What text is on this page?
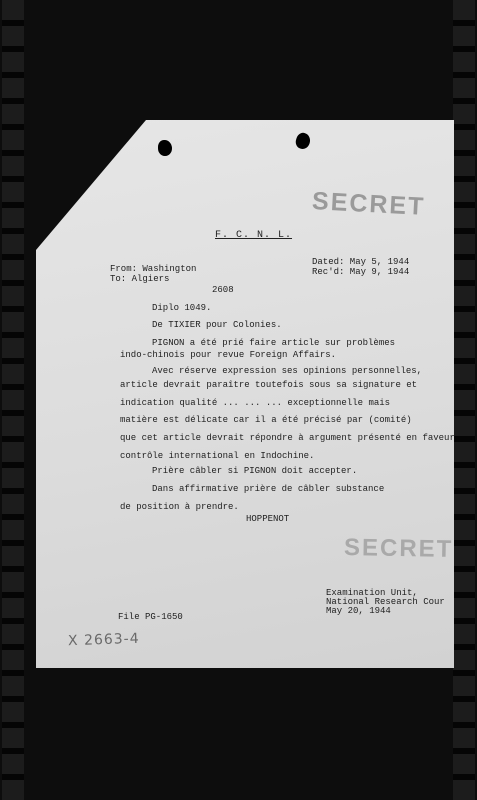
SECRET
F. C. N. L.
From: Washington
To: Algiers
Dated: May 5, 1944
Rec'd: May 9, 1944
2608
Diplo 1049.
De TIXIER pour Colonies.
PIGNON a été prié faire article sur problèmes
indo-chinois pour revue Foreign Affairs.
Avec réserve expression ses opinions personnelles,
article devrait paraître toutefois sous sa signature et
indication qualité ... ... ... exceptionnelle mais
matière est délicate car il a été précisé par (comité)
que cet article devrait répondre à argument présenté en faveur
contrôle international en Indochine.
Prière câbler si PIGNON doit accepter.
Dans affirmative prière de câbler substance
de position à prendre.
HOPPENOT
SECRET
Examination Unit,
National Research Cour
May 20, 1944
File PG-1650
X 2663-4
